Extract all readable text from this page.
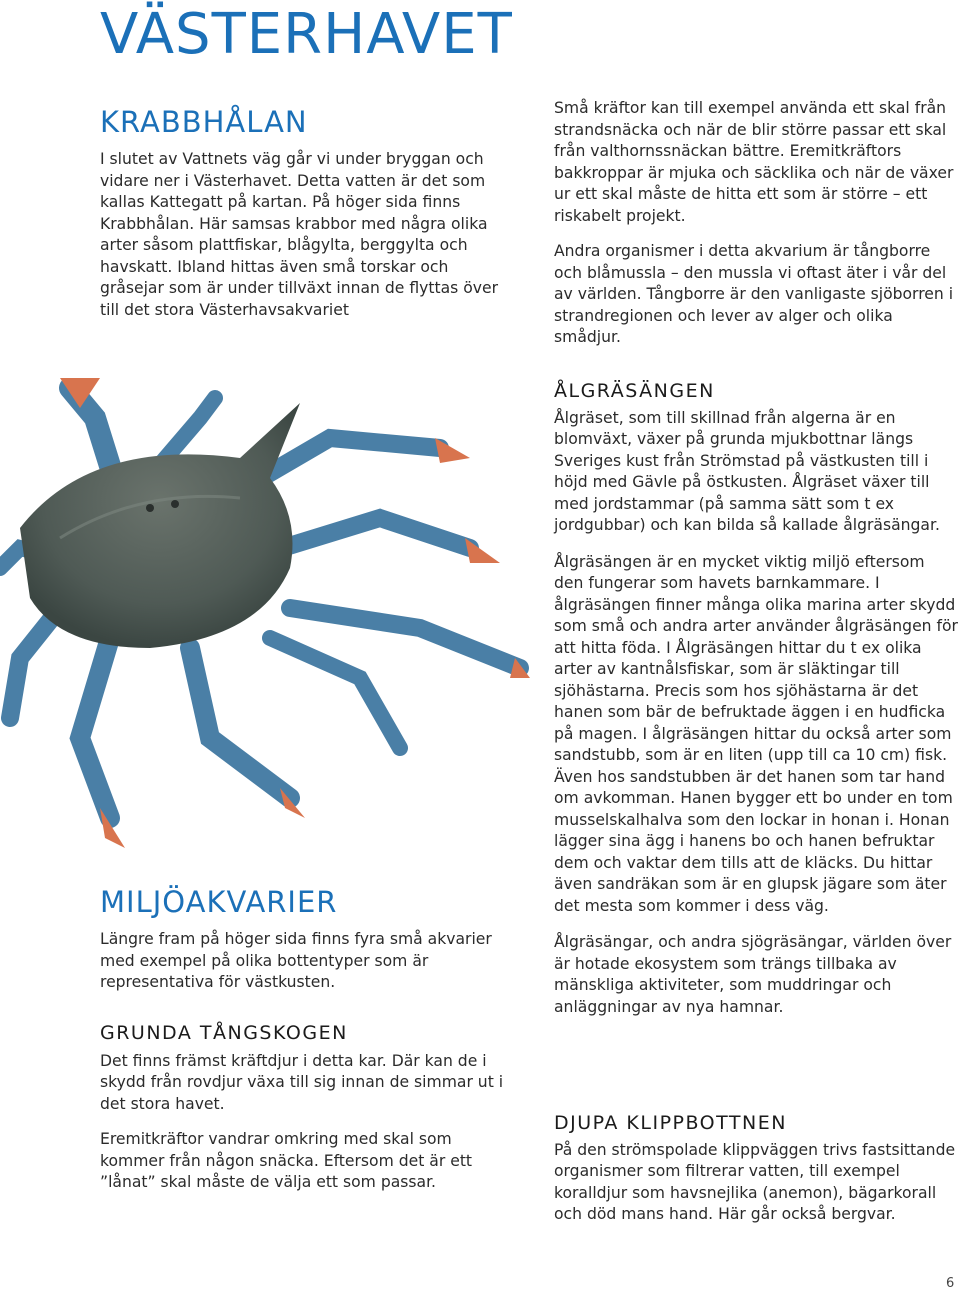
VÄSTERHAVET
KRABBHÅLAN

I slutet av Vattnets väg går vi under bryggan och vidare ner i Västerhavet. Detta vatten är det som kallas Kattegatt på kartan. På höger sida finns Krabbhålan. Här samsas krabbor med några olika arter såsom plattfiskar, blågylta, berggylta och havskatt. Ibland hittas även små torskar och gråsejar som är under tillväxt innan de flyttas över till det stora Västerhavsakvariet

Små kräftor kan till exempel använda ett skal från strandsnäcka och när de blir större passar ett skal från valthornssnäckan bättre. Eremitkräftors bakkroppar är mjuka och säcklika och när de växer ur ett skal måste de hitta ett som är större – ett riskabelt projekt.

Andra organismer i detta akvarium är tångborre och blåmussla – den mussla vi oftast äter i vår del av världen. Tångborre är den vanligaste sjöborren i strandregionen och lever av alger och olika smådjur.

ÅLGRÄSÄNGEN

Ålgräset, som till skillnad från algerna är en blomväxt, växer på grunda mjukbottnar längs Sveriges kust från Strömstad på västkusten till i höjd med Gävle på östkusten. Ålgräset växer till med jordstammar (på samma sätt som t ex jordgubbar) och kan bilda så kallade ålgräsängar.

Ålgräsängen är en mycket viktig miljö eftersom den fungerar som havets barnkammare. I ålgräsängen finner många olika marina arter skydd som små och andra arter använder ålgräsängen för att hitta föda. I Ålgräsängen hittar du t ex olika arter av kantnålsfiskar, som är släktingar till sjöhästarna. Precis som hos sjöhästarna är det hanen som bär de befruktade äggen i en hudficka på magen. I ålgräsängen hittar du också arter som sandstubb, som är en liten (upp till ca 10 cm) fisk. Även hos sandstubben är det hanen som tar hand om avkomman. Hanen bygger ett bo under en tom musselskalhalva som den lockar in honan i. Honan lägger sina ägg i hanens bo och hanen befruktar dem och vaktar dem tills att de kläcks. Du hittar även sandräkan som är en glupsk jägare som äter det mesta som kommer i dess väg.

Ålgräsängar, och andra sjögräsängar, världen över är hotade ekosystem som trängs tillbaka av mänskliga aktiviteter, som muddringar och anläggningar av nya hamnar.

DJUPA KLIPPBOTTNEN

På den strömspolade klippväggen trivs fastsittande organismer som filtrerar vatten, till exempel koralldjur som havsnejlika (anemon), bägarkorall och död mans hand. Här går också bergvar.

MILJÖAKVARIER

Längre fram på höger sida finns fyra små akvarier med exempel på olika bottentyper som är representativa för västkusten.

GRUNDA TÅNGSKOGEN

Det finns främst kräftdjur i detta kar. Där kan de i skydd från rovdjur växa till sig innan de simmar ut i det stora havet.

Eremitkräftor vandrar omkring med skal som kommer från någon snäcka. Eftersom det är ett ”lånat” skal måste de välja ett som passar.

6
